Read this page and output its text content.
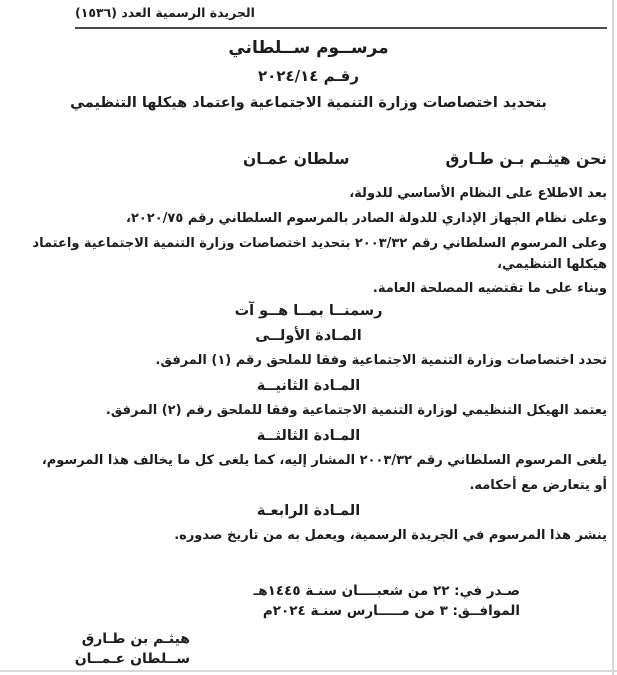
الجريدة الرسمية العدد (١٥٣٦)
مرســوم ســلطاني
رقـم ٢٠٢٤/١٤
بتحديد اختصاصات وزارة التنمية الاجتماعية واعتماد هيكلها التنظيمي
نحن هيثـم بـن طـارق
سلطان عمـان
بعد الاطلاع على النظام الأساسي للدولة،
وعلى نظام الجهاز الإداري للدولة الصادر بالمرسوم السلطاني رقم ٢٠٢٠/٧٥،
وعلى المرسوم السلطاني رقم ٢٠٠٣/٣٢ بتحديد اختصاصات وزارة التنمية الاجتماعية واعتماد
هيكلها التنظيمي،
وبناء على ما تقتضيه المصلحة العامة.
رسمنــا بمــا هــو آت
المـادة الأولــى
تحدد اختصاصات وزارة التنمية الاجتماعية وفقا للملحق رقم (١) المرفق.
المـادة الثانيــة
يعتمد الهيكل التنظيمي لوزارة التنمية الاجتماعية وفقا للملحق رقم (٢) المرفق.
المـادة الثالثــة
يلغى المرسوم السلطاني رقم ٢٠٠٣/٣٢ المشار إليه، كما يلغى كل ما يخالف هذا المرسوم،
أو يتعارض مع أحكامه.
المـادة الرابعـة
ينشر هذا المرسوم في الجريدة الرسمية، ويعمل به من تاريخ صدوره.
صـدر في: ٢٢ من شعبــــان سنـة ١٤٤٥هـ
الموافــق: ٣ من مـــــارس سنـة ٢٠٢٤م
هيثـم بن طـارق
ســلطان عـمــان
